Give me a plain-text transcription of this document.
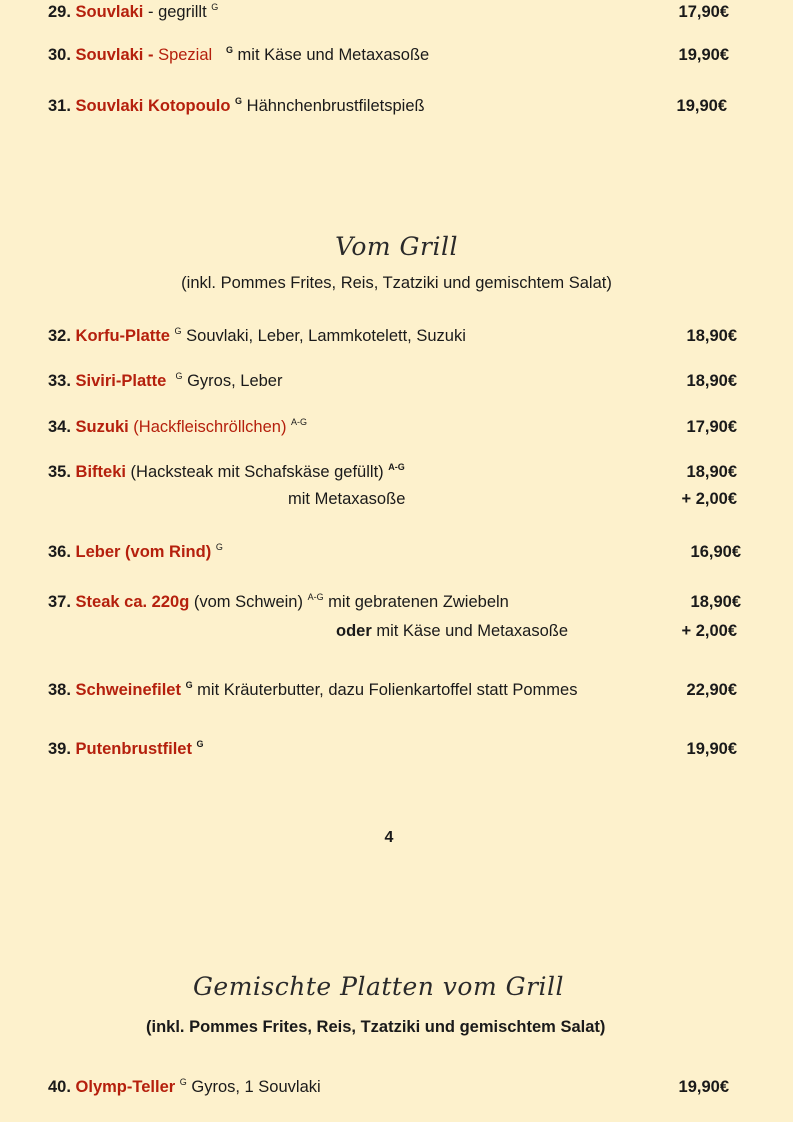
29. Souvlaki - gegrillt $^G$	17,90€
30. Souvlaki - Spezial $^G$ mit Käse und Metaxasoße	19,90€
31. Souvlaki Kotopoulo $^G$ Hähnchenbrustfiletspieß	19,90€
Vom Grill
(inkl. Pommes Frites, Reis, Tzatziki und gemischtem Salat)
32. Korfu-Platte $^G$ Souvlaki, Leber, Lammkotelett, Suzuki	18,90€
33. Siviri-Platte $^G$ Gyros, Leber	18,90€
34. Suzuki (Hackfleischröllchen) $^{A-G}$	17,90€
35. Bifteki (Hacksteak mit Schafskäse gefüllt) $^{A-G}$	18,90€
mit Metaxasoße	+ 2,00€
36. Leber (vom Rind) $^G$	16,90€
37. Steak ca. 220g (vom Schwein) $^{A-G}$ mit gebratenen Zwiebeln	18,90€
oder mit Käse und Metaxasoße	+ 2,00€
38. Schweinefilet $^G$ mit Kräuterbutter, dazu Folienkartoffel statt Pommes	22,90€
39. Putenbrustfilet $^G$	19,90€
4
Gemischte Platten vom Grill
(inkl. Pommes Frites, Reis, Tzatziki und gemischtem Salat)
40. Olymp-Teller $^G$ Gyros, 1 Souvlaki	19,90€
